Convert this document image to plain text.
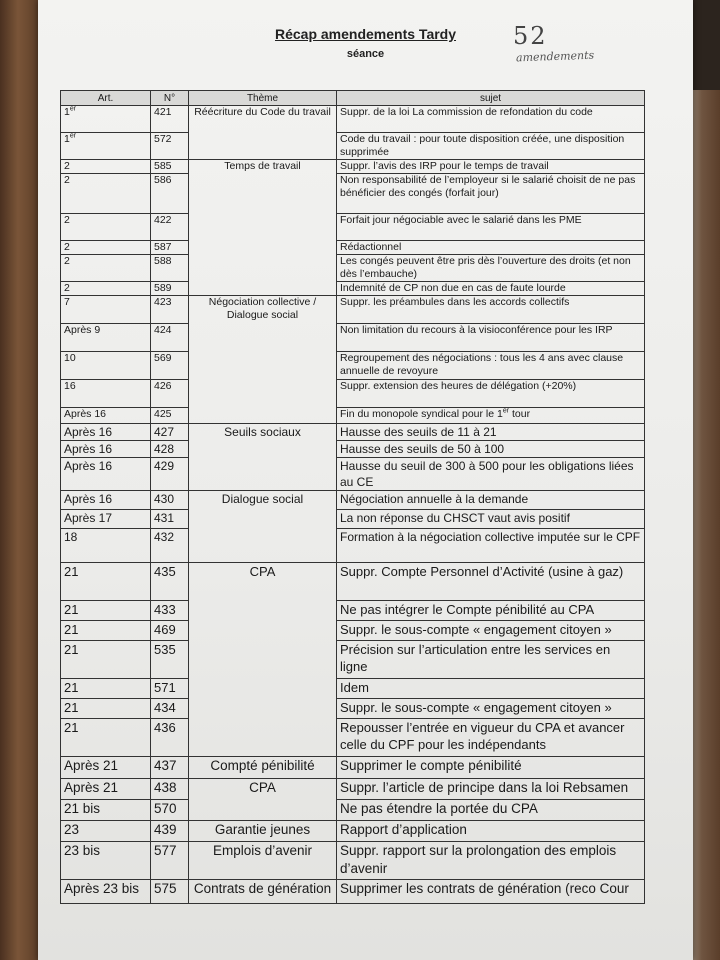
Récap amendements Tardy
séance
52
amendements
Art.	N°	Thème	sujet
1er	421	Réécriture du Code du travail	Suppr. de la loi La commission de refondation du code
1er	572		Code du travail : pour toute disposition créée, une disposition supprimée
2	585	Temps de travail	Suppr. l’avis des IRP pour le temps de travail
2	586		Non responsabilité de l’employeur si le salarié choisit de ne pas bénéficier des congés (forfait jour)
2	422		Forfait jour négociable avec le salarié dans les PME
2	587		Rédactionnel
2	588		Les congés peuvent être pris dès l’ouverture des droits (et non dès l’embauche)
2	589		Indemnité de CP non due en cas de faute lourde
7	423	Négociation collective / Dialogue social	Suppr. les préambules dans les accords collectifs
Après 9	424		Non limitation du recours à la visioconférence pour les IRP
10	569		Regroupement des négociations : tous les 4 ans avec clause annuelle de revoyure
16	426		Suppr. extension des heures de délégation (+20%)
Après 16	425		Fin du monopole syndical pour le 1er tour
Après 16	427	Seuils sociaux	Hausse des seuils de 11 à 21
Après 16	428		Hausse des seuils de 50 à 100
Après 16	429		Hausse du seuil de 300 à 500 pour les obligations liées au CE
Après 16	430	Dialogue social	Négociation annuelle à la demande
Après 17	431		La non réponse du CHSCT vaut avis positif
18	432		Formation à la négociation collective imputée sur le CPF
21	435	CPA	Suppr. Compte Personnel d’Activité (usine à gaz)
21	433		Ne pas intégrer le Compte pénibilité au CPA
21	469		Suppr. le sous-compte « engagement citoyen »
21	535		Précision sur l’articulation entre les services en ligne
21	571		Idem
21	434		Suppr. le sous-compte « engagement citoyen »
21	436		Repousser l’entrée en vigueur du CPA et avancer celle du CPF pour les indépendants
Après 21	437	Compté pénibilité	Supprimer le compte pénibilité
Après 21	438	CPA	Suppr. l’article de principe dans la loi Rebsamen
21 bis	570		Ne pas étendre la portée du CPA
23	439	Garantie jeunes	Rapport d’application
23 bis	577	Emplois d’avenir	Suppr. rapport sur la prolongation des emplois d’avenir
Après 23 bis	575	Contrats de génération	Supprimer les contrats de génération (reco Cour
